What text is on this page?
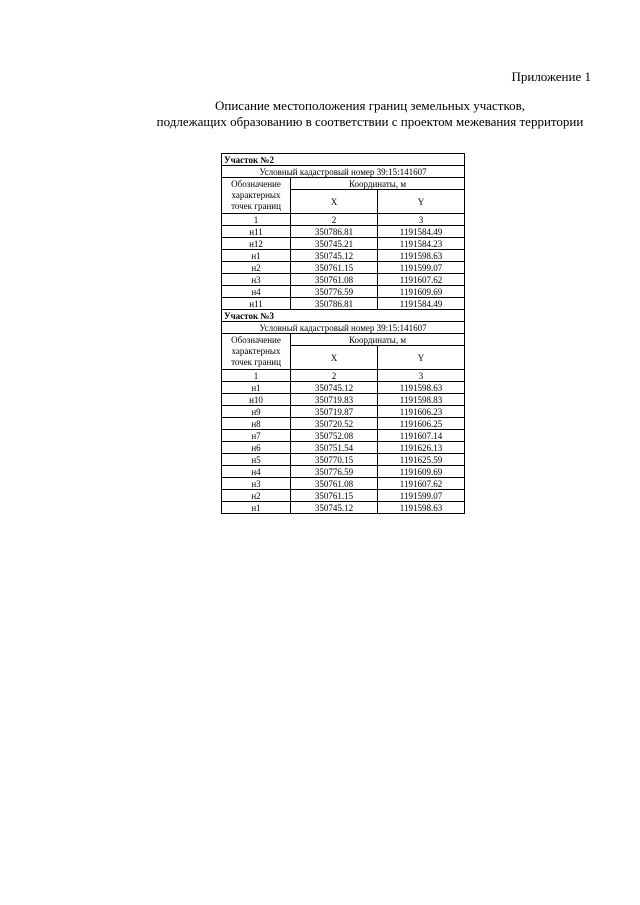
Приложение 1
Описание местоположения границ земельных участков,
подлежащих образованию в соответствии с проектом межевания территории
Участок №2		
Условный кадастровый номер 39:15:141607		
Обозначение характерных точек границ	Координаты, м	
	X	Y
1	2	3
н11	350786.81	1191584.49
н12	350745.21	1191584.23
н1	350745.12	1191598.63
н2	350761.15	1191599.07
н3	350761.08	1191607.62
н4	350776.59	1191609.69
н11	350786.81	1191584.49
Участок №3		
Условный кадастровый номер 39:15:141607		
Обозначение характерных точек границ	Координаты, м	
	X	Y
1	2	3
н1	350745.12	1191598.63
н10	350719.83	1191598.83
н9	350719.87	1191606.23
н8	350720.52	1191606.25
н7	350752.08	1191607.14
н6	350751.54	1191626.13
н5	350770.15	1191625.59
н4	350776.59	1191609.69
н3	350761.08	1191607.62
н2	350761.15	1191599.07
н1	350745.12	1191598.63
